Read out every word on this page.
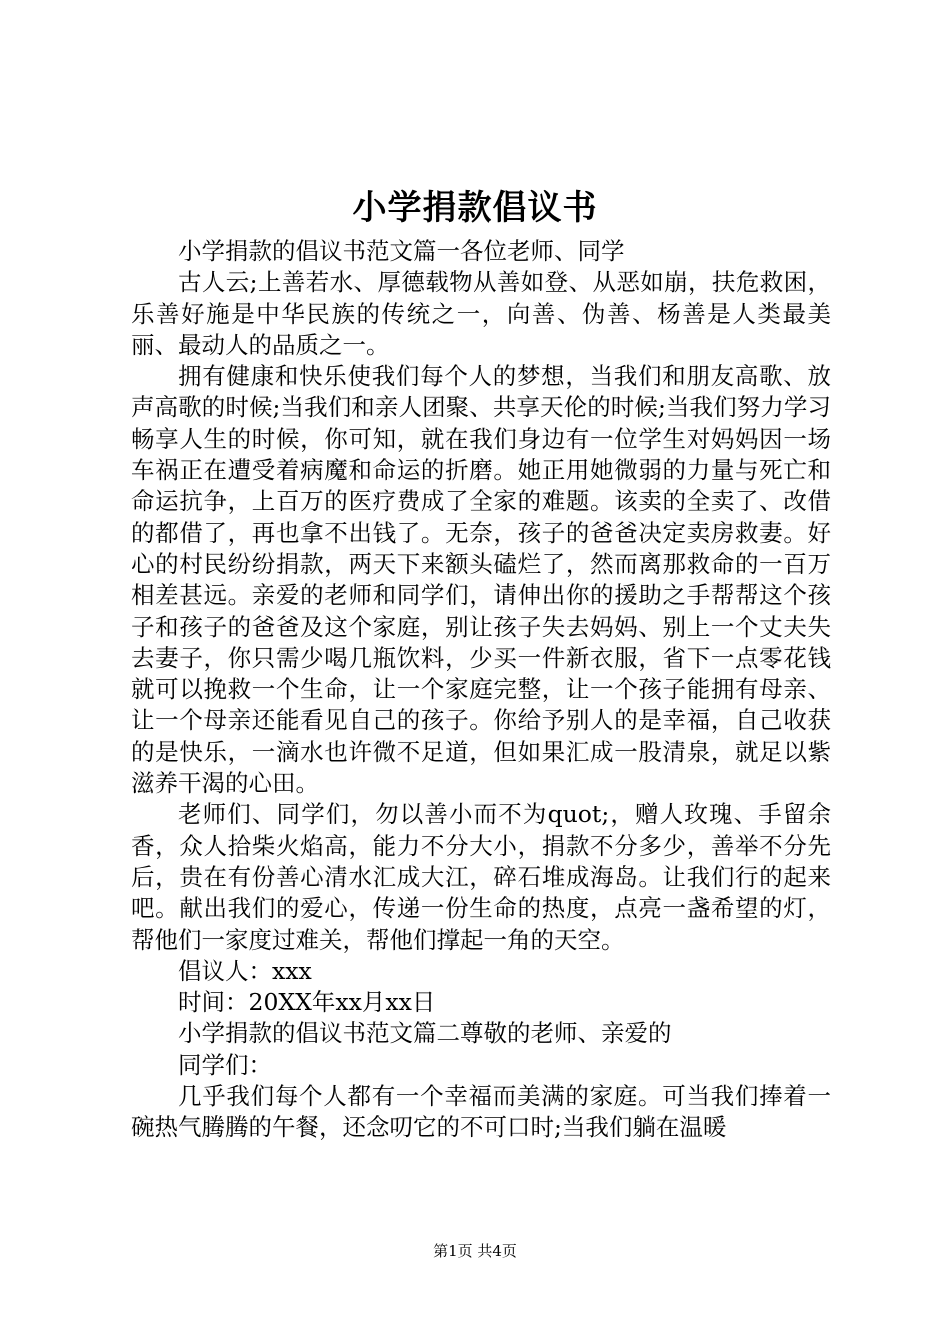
小学捐款倡议书

小学捐款的倡议书范文篇一各位老师、同学

古人云;上善若水、厚德载物从善如登、从恶如崩，扶危救困，乐善好施是中华民族的传统之一，向善、伪善、杨善是人类最美丽、最动人的品质之一。

拥有健康和快乐使我们每个人的梦想，当我们和朋友高歌、放声高歌的时候;当我们和亲人团聚、共享天伦的时候;当我们努力学习畅享人生的时候，你可知，就在我们身边有一位学生对妈妈因一场车祸正在遭受着病魔和命运的折磨。她正用她微弱的力量与死亡和命运抗争，上百万的医疗费成了全家的难题。该卖的全卖了、改借的都借了，再也拿不出钱了。无奈，孩子的爸爸决定卖房救妻。好心的村民纷纷捐款，两天下来额头磕烂了，然而离那救命的一百万相差甚远。亲爱的老师和同学们，请伸出你的援助之手帮帮这个孩子和孩子的爸爸及这个家庭，别让孩子失去妈妈、别上一个丈夫失去妻子，你只需少喝几瓶饮料，少买一件新衣服，省下一点零花钱就可以挽救一个生命，让一个家庭完整，让一个孩子能拥有母亲、让一个母亲还能看见自己的孩子。你给予别人的是幸福，自己收获的是快乐，一滴水也许微不足道，但如果汇成一股清泉，就足以紫滋养干渴的心田。

老师们、同学们，勿以善小而不为quot;，赠人玫瑰、手留余香，众人拾柴火焰高，能力不分大小，捐款不分多少，善举不分先后，贵在有份善心清水汇成大江，碎石堆成海岛。让我们行的起来吧。献出我们的爱心，传递一份生命的热度，点亮一盏希望的灯，帮他们一家度过难关，帮他们撑起一角的天空。

倡议人：xxx

时间：20XX年xx月xx日

小学捐款的倡议书范文篇二尊敬的老师、亲爱的

同学们：

几乎我们每个人都有一个幸福而美满的家庭。可当我们捧着一碗热气腾腾的午餐，还念叨它的不可口时;当我们躺在温暖

第1页 共4页
